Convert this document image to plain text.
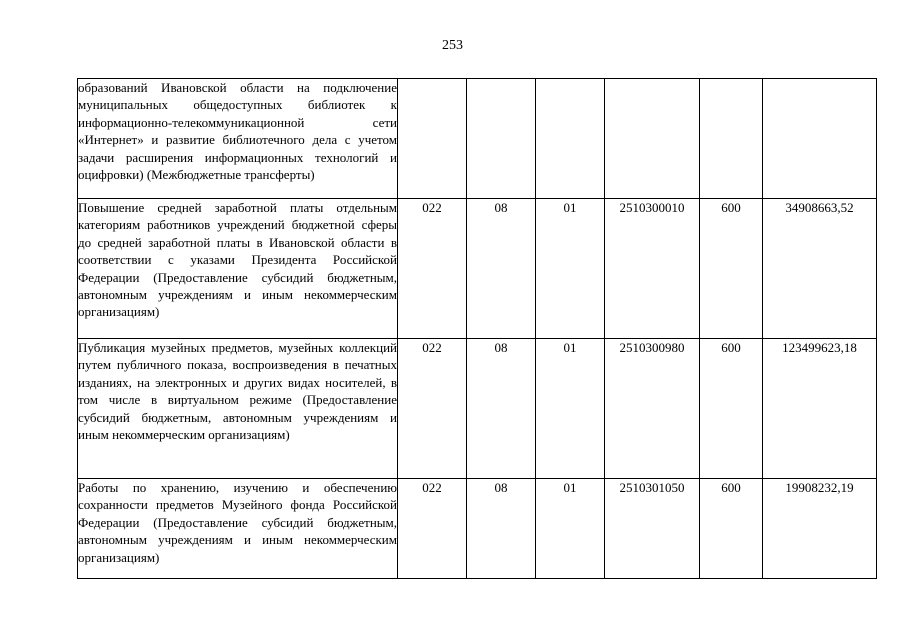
253
образований Ивановской области на подключение муниципальных общедоступных библиотек к информационно-телекоммуникационной сети «Интернет» и развитие библиотечного дела с учетом задачи расширения информационных технологий и оцифровки) (Межбюджетные трансферты)						
Повышение средней заработной платы отдельным категориям работников учреждений бюджетной сферы до средней заработной платы в Ивановской области в соответствии с указами Президента Российской Федерации (Предоставление субсидий бюджетным, автономным учреждениям и иным некоммерческим организациям)	022	08	01	2510300010	600	34908663,52
Публикация музейных предметов, музейных коллекций путем публичного показа, воспроизведения в печатных изданиях, на электронных и других видах носителей, в том числе в виртуальном режиме (Предоставление субсидий бюджетным, автономным учреждениям и иным некоммерческим организациям)	022	08	01	2510300980	600	123499623,18
Работы по хранению, изучению и обеспечению сохранности предметов Музейного фонда Российской Федерации (Предоставление субсидий бюджетным, автономным учреждениям и иным некоммерческим организациям)	022	08	01	2510301050	600	19908232,19
